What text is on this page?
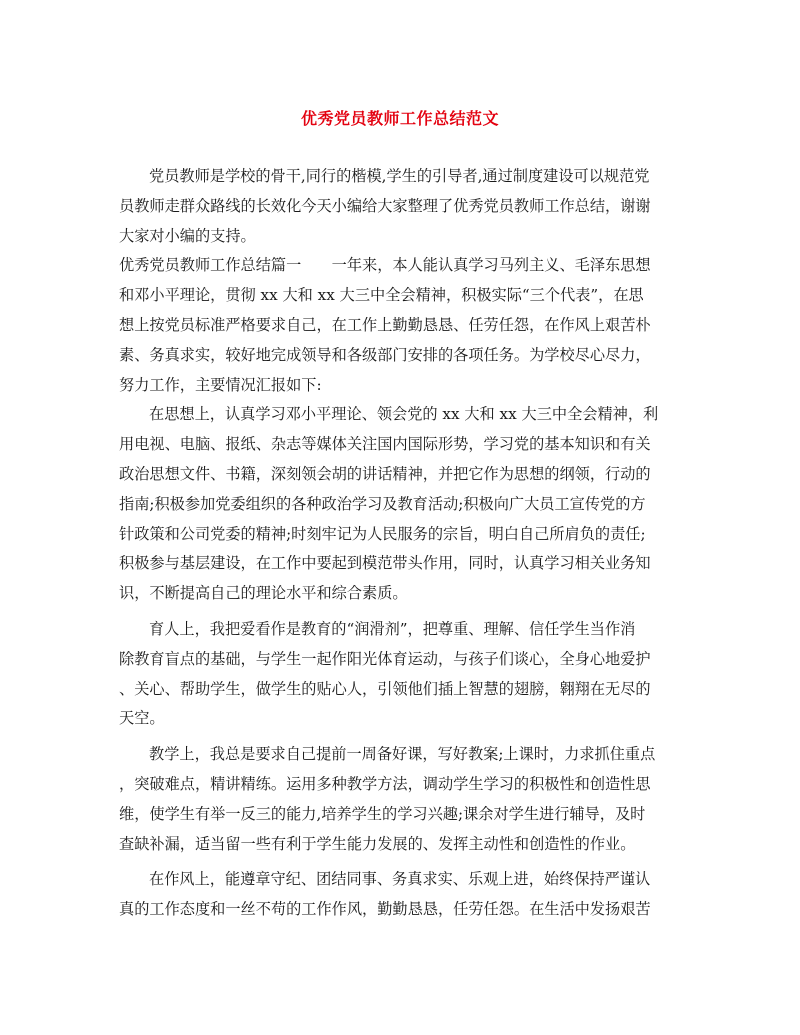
优秀党员教师工作总结范文
党员教师是学校的骨干,同行的楷模,学生的引导者,通过制度建设可以规范党
员教师走群众路线的长效化今天小编给大家整理了优秀党员教师工作总结，谢谢
大家对小编的支持。
优秀党员教师工作总结篇一　　一年来，本人能认真学习马列主义、毛泽东思想
和邓小平理论，贯彻 xx 大和 xx 大三中全会精神，积极实际“三个代表”，在思
想上按党员标准严格要求自己，在工作上勤勤恳恳、任劳任怨，在作风上艰苦朴
素、务真求实，较好地完成领导和各级部门安排的各项任务。为学校尽心尽力，
努力工作，主要情况汇报如下:
在思想上，认真学习邓小平理论、领会党的 xx 大和 xx 大三中全会精神，利
用电视、电脑、报纸、杂志等媒体关注国内国际形势，学习党的基本知识和有关
政治思想文件、书籍，深刻领会胡的讲话精神，并把它作为思想的纲领，行动的
指南;积极参加党委组织的各种政治学习及教育活动;积极向广大员工宣传党的方
针政策和公司党委的精神;时刻牢记为人民服务的宗旨，明白自己所肩负的责任;
积极参与基层建设，在工作中要起到模范带头作用，同时，认真学习相关业务知
识，不断提高自己的理论水平和综合素质。
育人上，我把爱看作是教育的“润滑剂”，把尊重、理解、信任学生当作消
除教育盲点的基础，与学生一起作阳光体育运动，与孩子们谈心，全身心地爱护
、关心、帮助学生，做学生的贴心人，引领他们插上智慧的翅膀，翱翔在无尽的
天空。
教学上，我总是要求自己提前一周备好课，写好教案;上课时，力求抓住重点
，突破难点，精讲精练。运用多种教学方法，调动学生学习的积极性和创造性思
维，使学生有举一反三的能力,培养学生的学习兴趣;课余对学生进行辅导，及时
查缺补漏，适当留一些有利于学生能力发展的、发挥主动性和创造性的作业。
在作风上，能遵章守纪、团结同事、务真求实、乐观上进，始终保持严谨认
真的工作态度和一丝不苟的工作作风，勤勤恳恳，任劳任怨。在生活中发扬艰苦
